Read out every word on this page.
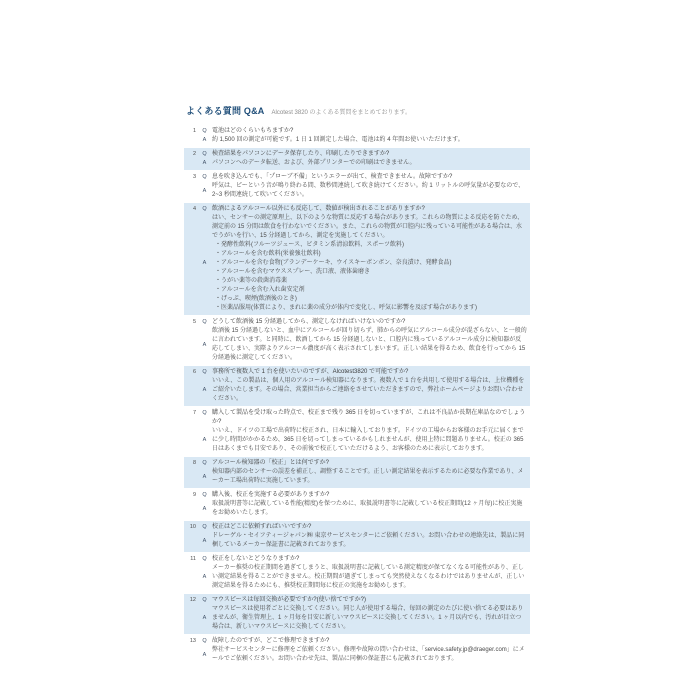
よくある質問 Q&A Alcotest 3820 のよくある質問をまとめております。
1	Q 電池はどのくらいもちますか?
A 約 1,500 回の測定が可能です。1 日 1 回測定した場合、電池は約 4 年間お使いいただけます。
2	Q 検査結果をパソコンにデータ保存したり、印刷したりできますか?
A パソコンへのデータ転送、および、外部プリンターでの印刷はできません。
3	Q 息を吹き込んでも、「プローブ不備」というエラーが出て、検査できません。故障ですか?
A
呼気は、ピーという音が鳴り終わる間、数秒間連続して吹き続けてください。約 1 リットルの呼気量が必要なので、2~3 秒間連続して吹いてください。
4	Q 飲酒によるアルコール以外にも反応して、数値が検出されることがありますか?
A
はい、センサーの測定原理上、以下のような物質に反応する場合があります。これらの物質による反応を防ぐため、測定前の 15 分間は飲食を行わないでください。また、これらの物質が口腔内に残っている可能性がある場合は、水でうがいを行い、15 分経過してから、測定を実施してください。
・発酵性飲料(フルーツジュース、ビタミン系清涼飲料、スポーツ飲料)
・アルコールを含む飲料(栄養強壮飲料)
・アルコールを含む食物(ブランデーケーキ、ウイスキーボンボン、奈良漬け、発酵食品)
・アルコールを含むマウススプレー、洗口液、液体歯磨き
・うがい薬等の殺菌消毒薬
・アルコールを含む入れ歯安定剤
・げっぷ、喫煙(飲酒後のとき)
・医薬品服用(体質により、まれに薬の成分が体内で変化し、呼気に影響を及ぼす場合があります)
5	Q どうして飲酒後 15 分経過してから、測定しなければいけないのですか?
A
飲酒後 15 分経過しないと、血中にアルコールが回り切らず、肺からの呼気にアルコール成分が混ざらない、と一般的に言われています。と同時に、飲酒してから 15 分経過しないと、口腔内に残っているアルコール成分に検知器が反応してしまい、実際よりアルコール濃度が高く表示されてしまいます。正しい結果を得るため、飲食を行ってから 15 分経過後に測定してください。
6	Q 事務所で複数人で 1 台を使いたいのですが、Alcotest3820 で可能ですか?
A
いいえ、この製品は、個人用のアルコール検知器になります。複数人で 1 台を共用して使用する場合は、上位機種をご紹介いたします。その場合、営業担当からご連絡をさせていただきますので、弊社ホームページよりお問い合わせください。
7	Q 購入して製品を受け取った時点で、校正まで残り 365 日を切っていますが、これは不良品か長期在庫品なのでしょうか?
A
いいえ、ドイツの工場で出荷時に校正され、日本に輸入しております。ドイツの工場からお客様のお手元に届くまでに少し時間がかかるため、365 日を切ってしまっているかもしれませんが、使用上特に問題ありません。校正の 365 日はあくまでも目安であり、その前後で校正していただけるよう、お客様のために表示しております。
8	Q アルコール検知器の「校正」とは何ですか?
A
検知器内部のセンサーの誤差を補正し、調整することです。正しい測定結果を表示するために必要な作業であり、メーカー工場出荷時に実施しています。
9	Q 購入後、校正を実施する必要がありますか?
A
取扱説明書等に記載している性能(精度)を保つために、取扱説明書等に記載している校正期間(12 ヶ月毎)に校正実施をお勧めいたします。
10	Q 校正はどこに依頼すればいいですか?
A
ドレーゲル・セイフティージャパン㈱ 東京サービスセンターにご依頼ください。お問い合わせの連絡先は、製品に同梱しているメーカー保証書に記載されております。
11	Q 校正をしないとどうなりますか?
A
メーカー推奨の校正期間を過ぎてしまうと、取扱説明書に記載している測定精度が保てなくなる可能性があり、正しい測定結果を得ることができません。校正期間が過ぎてしまっても突然使えなくなるわけではありませんが、正しい測定結果を得るためにも、推奨校正期間毎に校正の実施をお勧めします。
12	Q マウスピースは毎回交換が必要ですか?(使い捨てですか?)
A
マウスピースは使用者ごとに交換してください。同じ人が使用する場合、毎回の測定のたびに使い捨てる必要はありませんが、衛生管理上、1 ヶ月毎を目安に新しいマウスピースに交換してください。1 ヶ月以内でも、汚れが目立つ場合は、新しいマウスピースに交換してください。
13	Q 故障したのですが、どこで修理できますか?
A
弊社サービスセンターに修理をご依頼ください。修理や故障の問い合わせは、「service.safety.jp@draeger.com」にメールでご依頼ください。お問い合わせ先は、製品に同梱の保証書にも記載されております。
